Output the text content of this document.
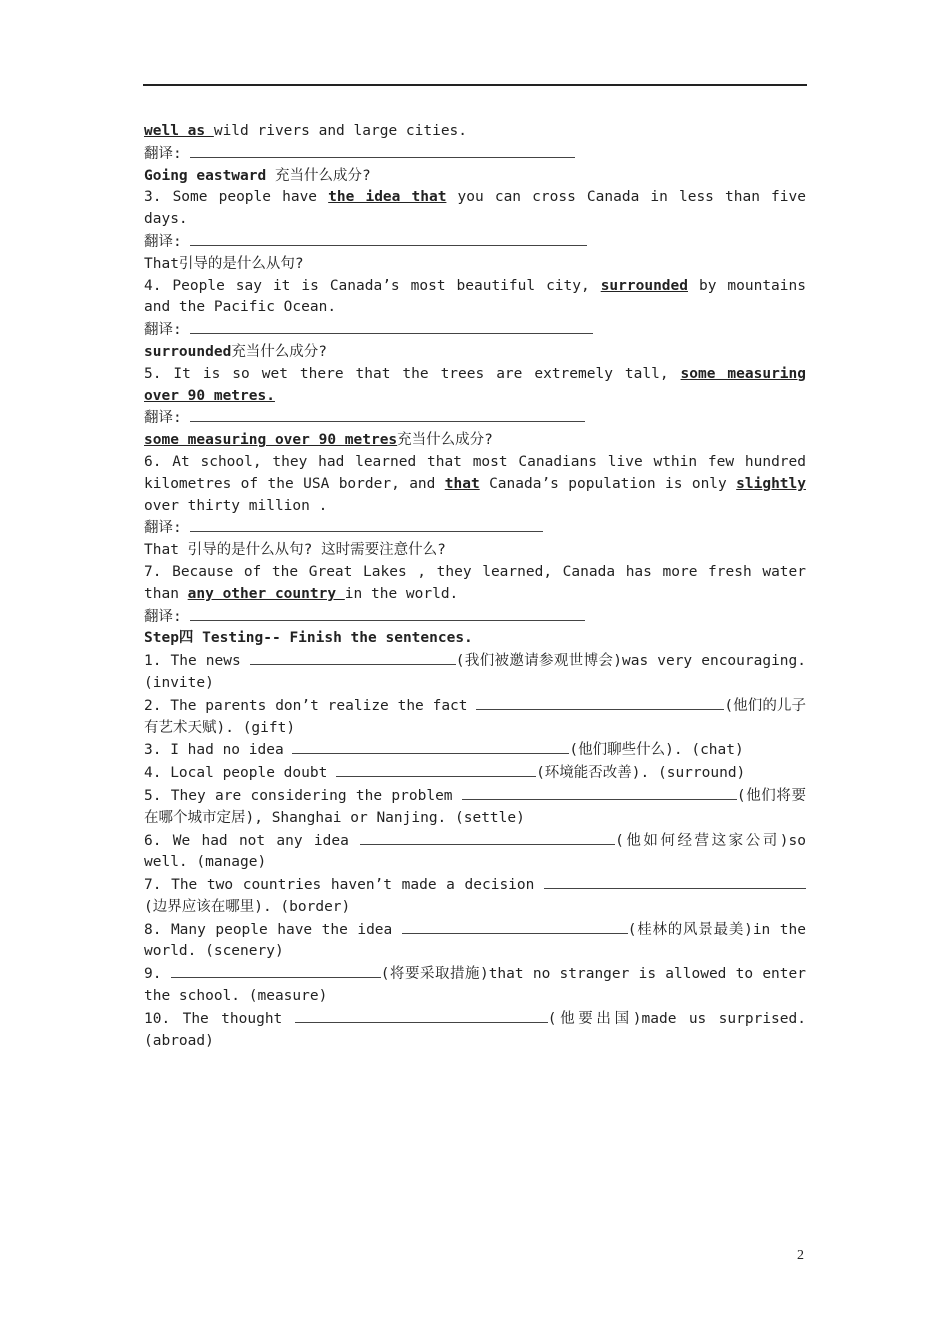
well as wild rivers and large cities.

翻译:

Going eastward 充当什么成分?

3. Some people have the idea that you can cross Canada in less than five days.

翻译:

That引导的是什么从句?

4. People say it is Canada’s most beautiful city, surrounded by mountains and the Pacific Ocean.

翻译:

surrounded充当什么成分?

5. It is so wet there that the trees are extremely tall, some measuring over 90 metres.

翻译:

some measuring over 90 metres充当什么成分?

6. At school, they had learned that most Canadians live wthin few hundred kilometres of the USA border, and that Canada’s population is only slightly over thirty million .

翻译:

That 引导的是什么从句? 这时需要注意什么?

7. Because of the Great Lakes , they learned, Canada has more fresh water than any other country in the world.

翻译:

Step四 Testing-- Finish the sentences.

1. The news	(我们被邀请参观世博会)was very encouraging. (invite)

2. The parents don’t realize the fact	(他们的儿子有艺术天赋). (gift)

3. I had no idea	(他们聊些什么). (chat)

4. Local people doubt	(环境能否改善). (surround)

5. They are considering the problem	(他们将要在哪个城市定居), Shanghai or Nanjing. (settle)

6. We had not any idea	(他如何经营这家公司)so well. (manage)

7. The two countries haven’t made a decision (边界应该在哪里). (border)

8. Many people have the idea	(桂林的风景最美)in the world. (scenery)

9.	(将要采取措施)that no stranger is allowed to enter the school. (measure)

10. The thought	(他要出国)made us surprised. (abroad)

2
